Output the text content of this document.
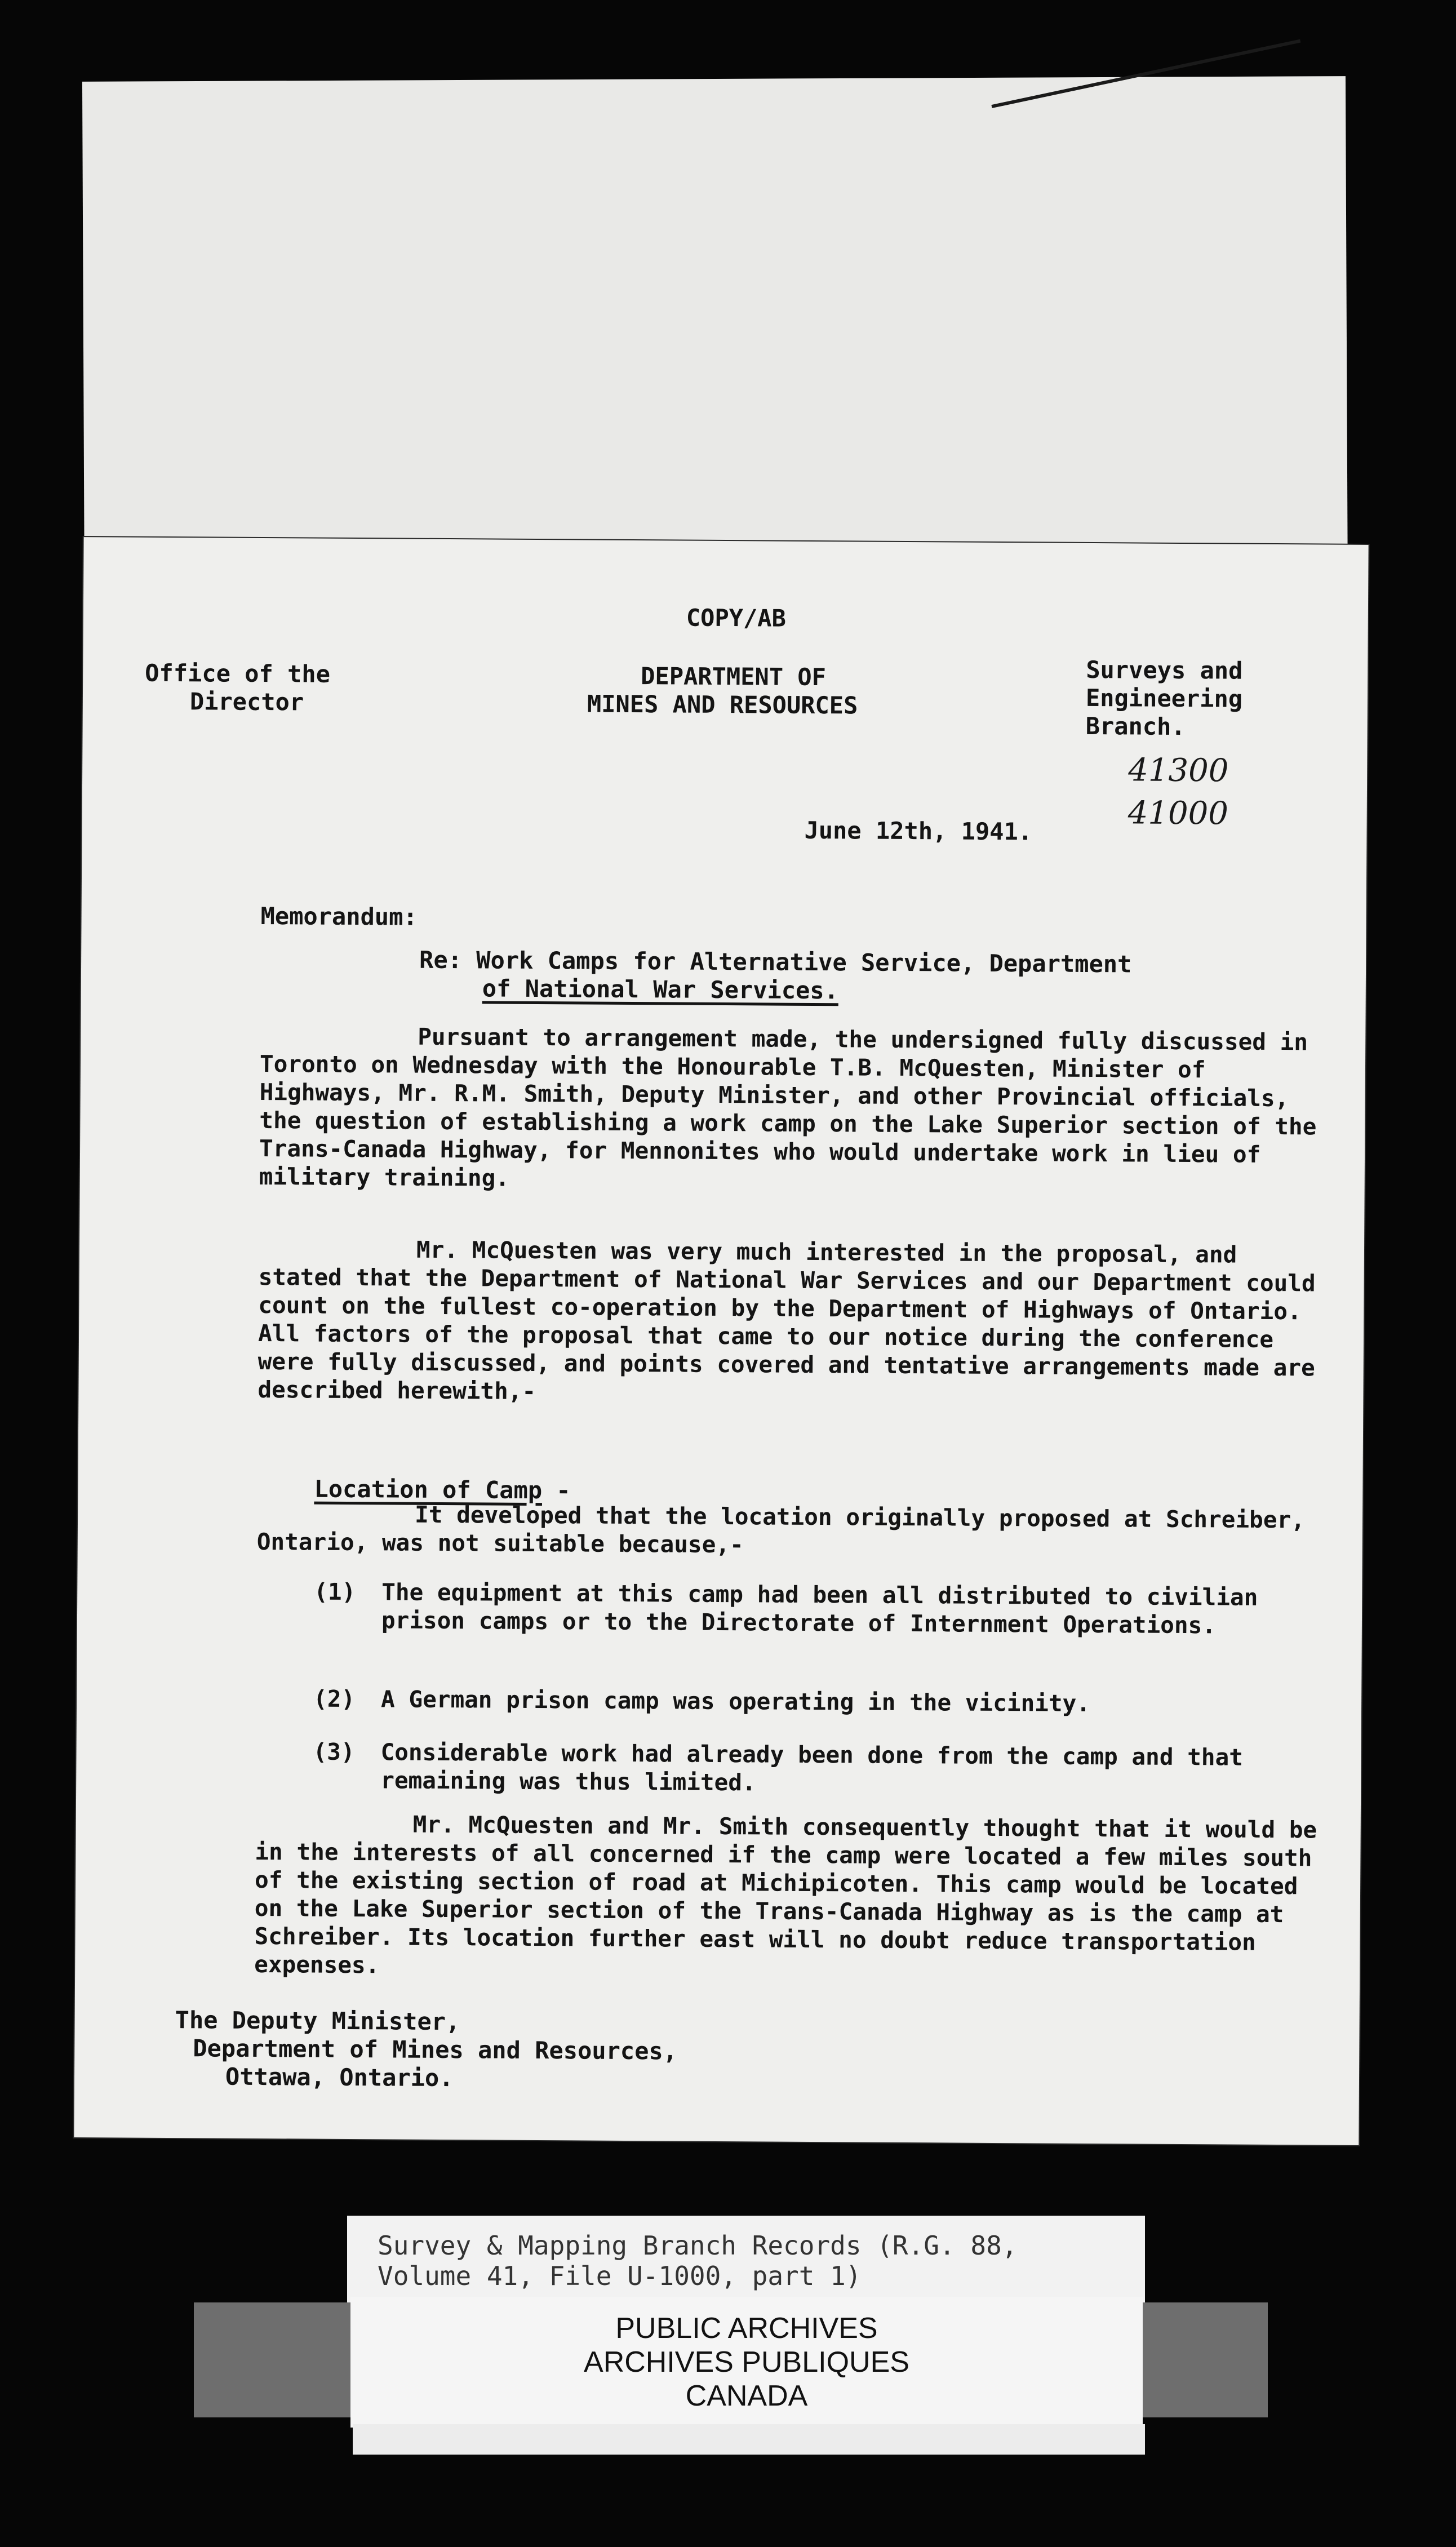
COPY/AB
Office of the
Director
DEPARTMENT OF
MINES AND RESOURCES
Surveys and
Engineering
Branch.
41300
41000
June 12th, 1941.
Memorandum:
Re: Work Camps for Alternative Service, Department
of National War Services.

Pursuant to arrangement made, the undersigned fully discussed in Toronto on Wednesday with the Honourable T.B. McQuesten, Minister of Highways, Mr. R.M. Smith, Deputy Minister, and other Provincial officials, the question of establishing a work camp on the Lake Superior section of the Trans-Canada Highway, for Mennonites who would undertake work in lieu of military training.

Mr. McQuesten was very much interested in the proposal, and stated that the Department of National War Services and our Department could count on the fullest co-operation by the Department of Highways of Ontario. All factors of the proposal that came to our notice during the conference were fully discussed, and points covered and tentative arrangements made are described herewith,-

Location of Camp -

It developed that the location originally proposed at Schreiber, Ontario, was not suitable because,-

(1) The equipment at this camp had been all distributed to civilian prison camps or to the Directorate of Internment Operations.
(2) A German prison camp was operating in the vicinity.
(3) Considerable work had already been done from the camp and that remaining was thus limited.

Mr. McQuesten and Mr. Smith consequently thought that it would be in the interests of all concerned if the camp were located a few miles south of the existing section of road at Michipicoten. This camp would be located on the Lake Superior section of the Trans-Canada Highway as is the camp at Schreiber. Its location further east will no doubt reduce transportation expenses.

The Deputy Minister,
Department of Mines and Resources,
Ottawa, Ontario.
Survey & Mapping Branch Records (R.G. 88,
Volume 41, File U-1000, part 1)
PUBLIC ARCHIVES
ARCHIVES PUBLIQUES
CANADA
